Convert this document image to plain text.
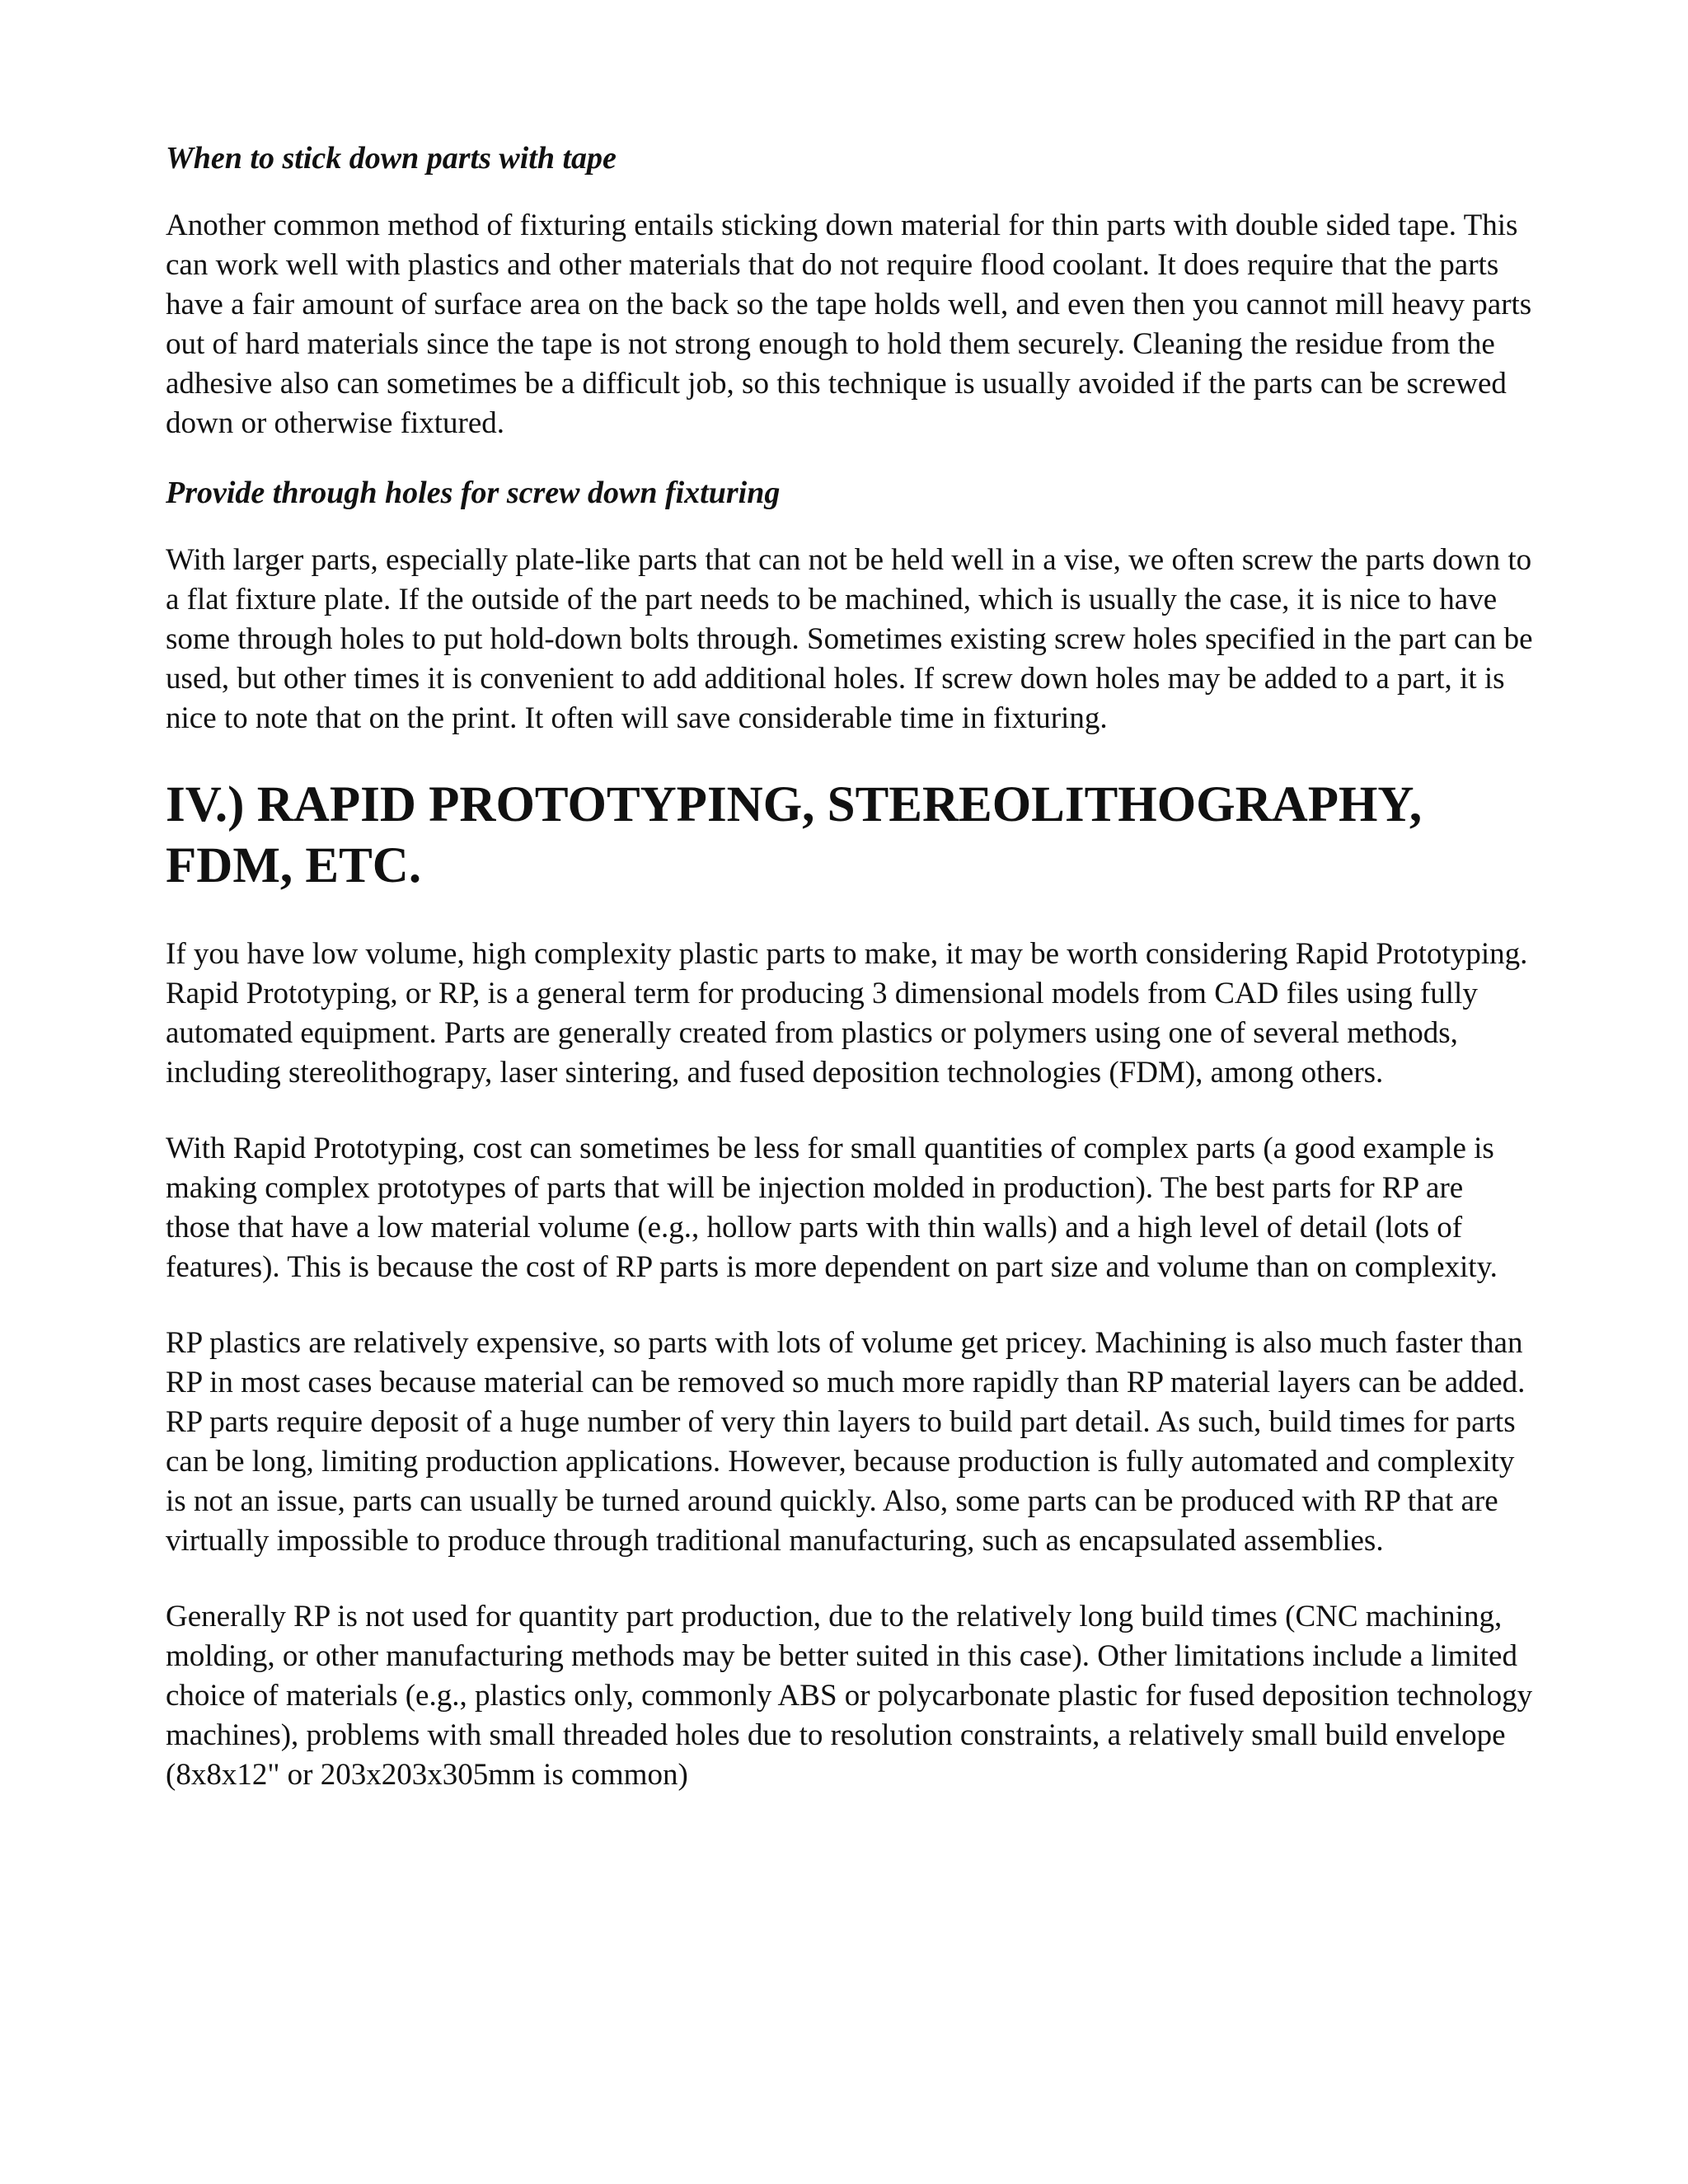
When to stick down parts with tape

Another common method of fixturing entails sticking down material for thin parts with double sided tape. This can work well with plastics and other materials that do not require flood coolant. It does require that the parts have a fair amount of surface area on the back so the tape holds well, and even then you cannot mill heavy parts out of hard materials since the tape is not strong enough to hold them securely. Cleaning the residue from the adhesive also can sometimes be a difficult job, so this technique is usually avoided if the parts can be screwed down or otherwise fixtured.

Provide through holes for screw down fixturing

With larger parts, especially plate-like parts that can not be held well in a vise, we often screw the parts down to a flat fixture plate. If the outside of the part needs to be machined, which is usually the case, it is nice to have some through holes to put hold-down bolts through. Sometimes existing screw holes specified in the part can be used, but other times it is convenient to add additional holes. If screw down holes may be added to a part, it is nice to note that on the print. It often will save considerable time in fixturing.

IV.) RAPID PROTOTYPING, STEREOLITHOGRAPHY,
FDM, ETC.

If you have low volume, high complexity plastic parts to make, it may be worth considering Rapid Prototyping. Rapid Prototyping, or RP, is a general term for producing 3 dimensional models from CAD files using fully automated equipment. Parts are generally created from plastics or polymers using one of several methods, including stereolithograpy, laser sintering, and fused deposition technologies (FDM), among others.

With Rapid Prototyping, cost can sometimes be less for small quantities of complex parts (a good example is making complex prototypes of parts that will be injection molded in production). The best parts for RP are those that have a low material volume (e.g., hollow parts with thin walls) and a high level of detail (lots of features). This is because the cost of RP parts is more dependent on part size and volume than on complexity.

RP plastics are relatively expensive, so parts with lots of volume get pricey. Machining is also much faster than RP in most cases because material can be removed so much more rapidly than RP material layers can be added. RP parts require deposit of a huge number of very thin layers to build part detail. As such, build times for parts can be long, limiting production applications. However, because production is fully automated and complexity is not an issue, parts can usually be turned around quickly. Also, some parts can be produced with RP that are virtually impossible to produce through traditional manufacturing, such as encapsulated assemblies.

Generally RP is not used for quantity part production, due to the relatively long build times (CNC machining, molding, or other manufacturing methods may be better suited in this case). Other limitations include a limited choice of materials (e.g., plastics only, commonly ABS or polycarbonate plastic for fused deposition technology machines), problems with small threaded holes due to resolution constraints, a relatively small build envelope (8x8x12" or 203x203x305mm is common)
